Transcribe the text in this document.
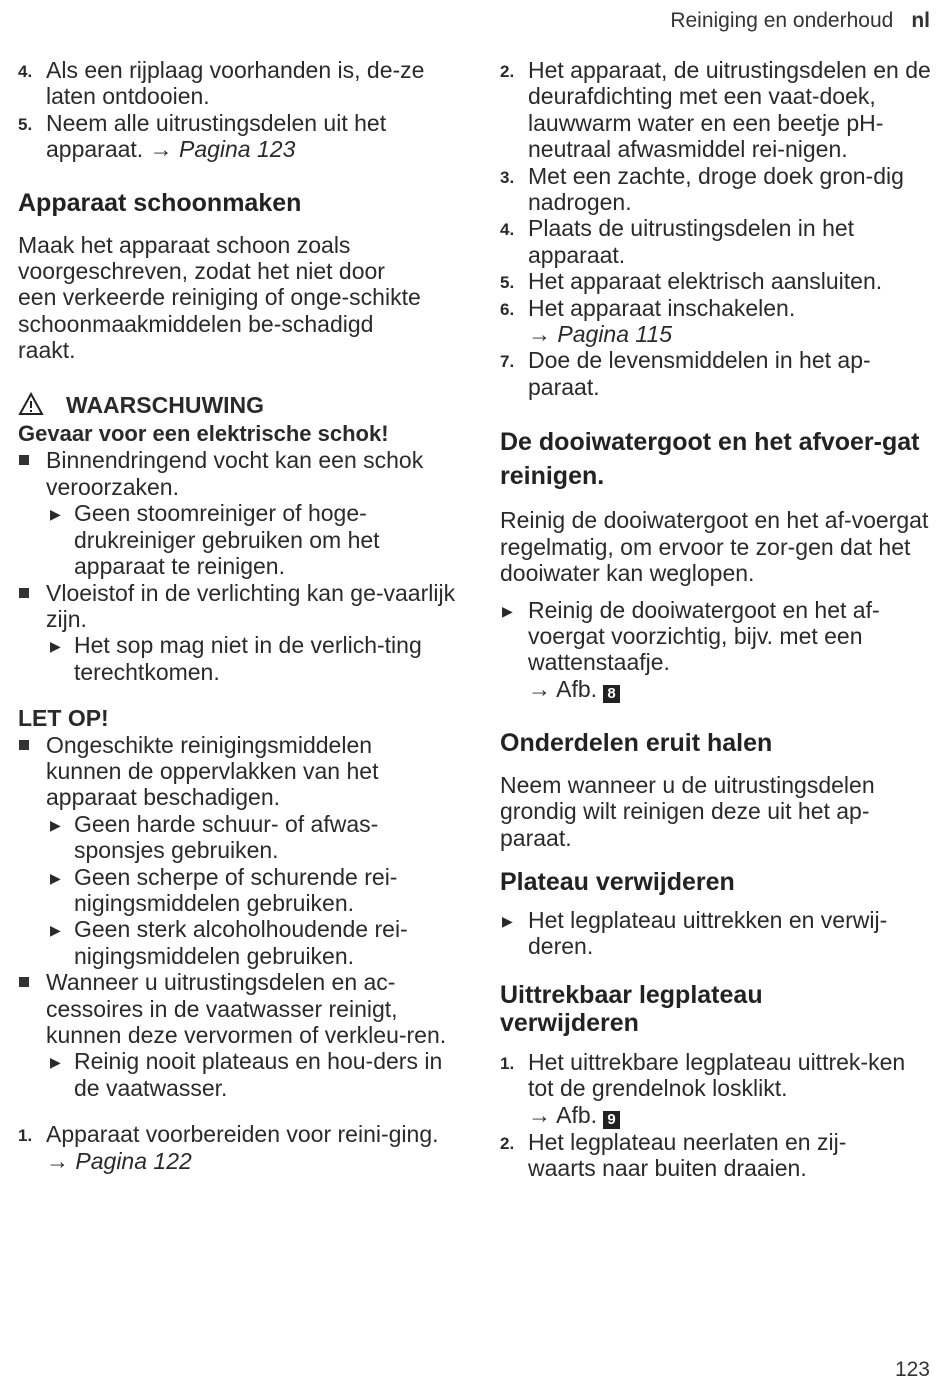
Reiniging en onderhoud nl
4. Als een rijplaag voorhanden is, de-ze laten ontdooien.
5. Neem alle uitrustingsdelen uit het apparaat. → Pagina 123
Apparaat schoonmaken

Maak het apparaat schoon zoals voorgeschreven, zodat het niet door een verkeerde reiniging of onge-schikte schoonmaakmiddelen be-schadigd raakt.

WAARSCHUWING

Gevaar voor een elektrische schok!

Binnendringend vocht kan een schok veroorzaken.
▶ Geen stoomreiniger of hoge-drukreiniger gebruiken om het apparaat te reinigen.
Vloeistof in de verlichting kan ge-vaarlijk zijn.
▶ Het sop mag niet in de verlich-ting terechtkomen.

LET OP!

Ongeschikte reinigingsmiddelen kunnen de oppervlakken van het apparaat beschadigen.
▶ Geen harde schuur- of afwas-sponsjes gebruiken.
▶ Geen scherpe of schurende rei-nigingsmiddelen gebruiken.
▶ Geen sterk alcoholhoudende rei-nigingsmiddelen gebruiken.
Wanneer u uitrustingsdelen en ac-cessoires in de vaatwasser reinigt, kunnen deze vervormen of verkleu-ren.
▶ Reinig nooit plateaus en hou-ders in de vaatwasser.
1. Apparaat voorbereiden voor reini-ging. → Pagina 122
2. Het apparaat, de uitrustingsdelen en de deurafdichting met een vaat-doek, lauwwarm water en een beetje pH-neutraal afwasmiddel rei-nigen.
3. Met een zachte, droge doek gron-dig nadrogen.
4. Plaats de uitrustingsdelen in het apparaat.
5. Het apparaat elektrisch aansluiten.
6. Het apparaat inschakelen.
→ Pagina 115
7. Doe de levensmiddelen in het ap-paraat.
De dooiwatergoot en het afvoer-gat reinigen.

Reinig de dooiwatergoot en het af-voergat regelmatig, om ervoor te zor-gen dat het dooiwater kan weglopen.

▶ Reinig de dooiwatergoot en het af-voergat voorzichtig, bijv. met een wattenstaafje.
→ Afb. 8
Onderdelen eruit halen

Neem wanneer u de uitrustingsdelen grondig wilt reinigen deze uit het ap-paraat.

Plateau verwijderen
▶ Het legplateau uittrekken en verwij-deren.
Uittrekbaar legplateau verwijderen
1. Het uittrekbare legplateau uittrek-ken tot de grendelnok losklikt.
→ Afb. 9
2. Het legplateau neerlaten en zij-waarts naar buiten draaien.
123
